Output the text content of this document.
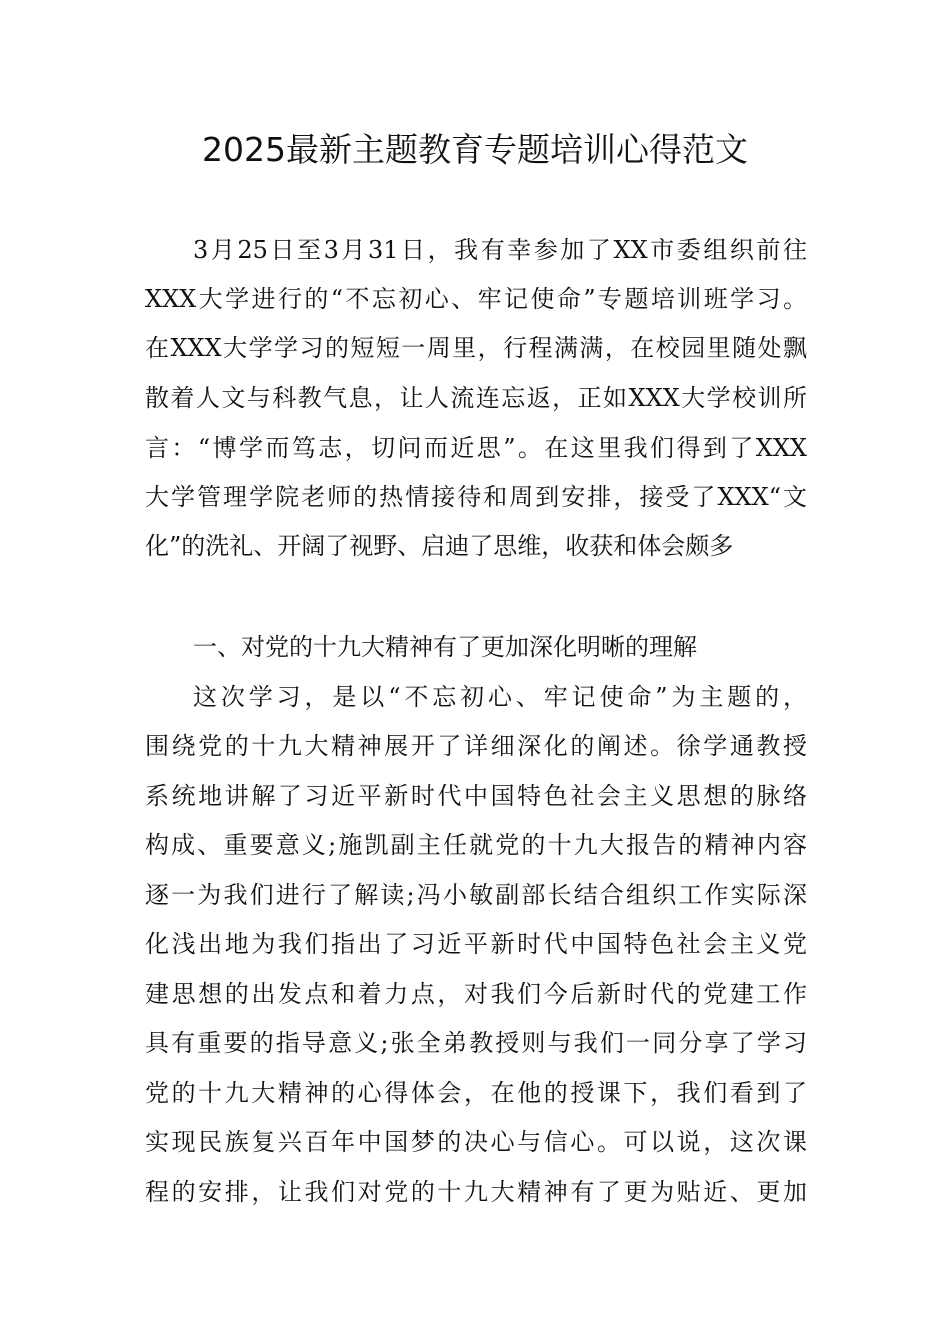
2025最新主题教育专题培训心得范文
3月25日至3月31日，我有幸参加了XX市委组织前往
XXX大学进行的“不忘初心、牢记使命”专题培训班学习。
在XXX大学学习的短短一周里，行程满满，在校园里随处飘
散着人文与科教气息，让人流连忘返，正如XXX大学校训所
言：“博学而笃志，切问而近思”。在这里我们得到了XXX
大学管理学院老师的热情接待和周到安排，接受了XXX“文
化”的洗礼、开阔了视野、启迪了思维，收获和体会颇多
一、对党的十九大精神有了更加深化明晰的理解
这次学习，是以“不忘初心、牢记使命”为主题的，
围绕党的十九大精神展开了详细深化的阐述。徐学通教授
系统地讲解了习近平新时代中国特色社会主义思想的脉络
构成、重要意义;施凯副主任就党的十九大报告的精神内容
逐一为我们进行了解读;冯小敏副部长结合组织工作实际深
化浅出地为我们指出了习近平新时代中国特色社会主义党
建思想的出发点和着力点，对我们今后新时代的党建工作
具有重要的指导意义;张全弟教授则与我们一同分享了学习
党的十九大精神的心得体会，在他的授课下，我们看到了
实现民族复兴百年中国梦的决心与信心。可以说，这次课
程的安排，让我们对党的十九大精神有了更为贴近、更加
